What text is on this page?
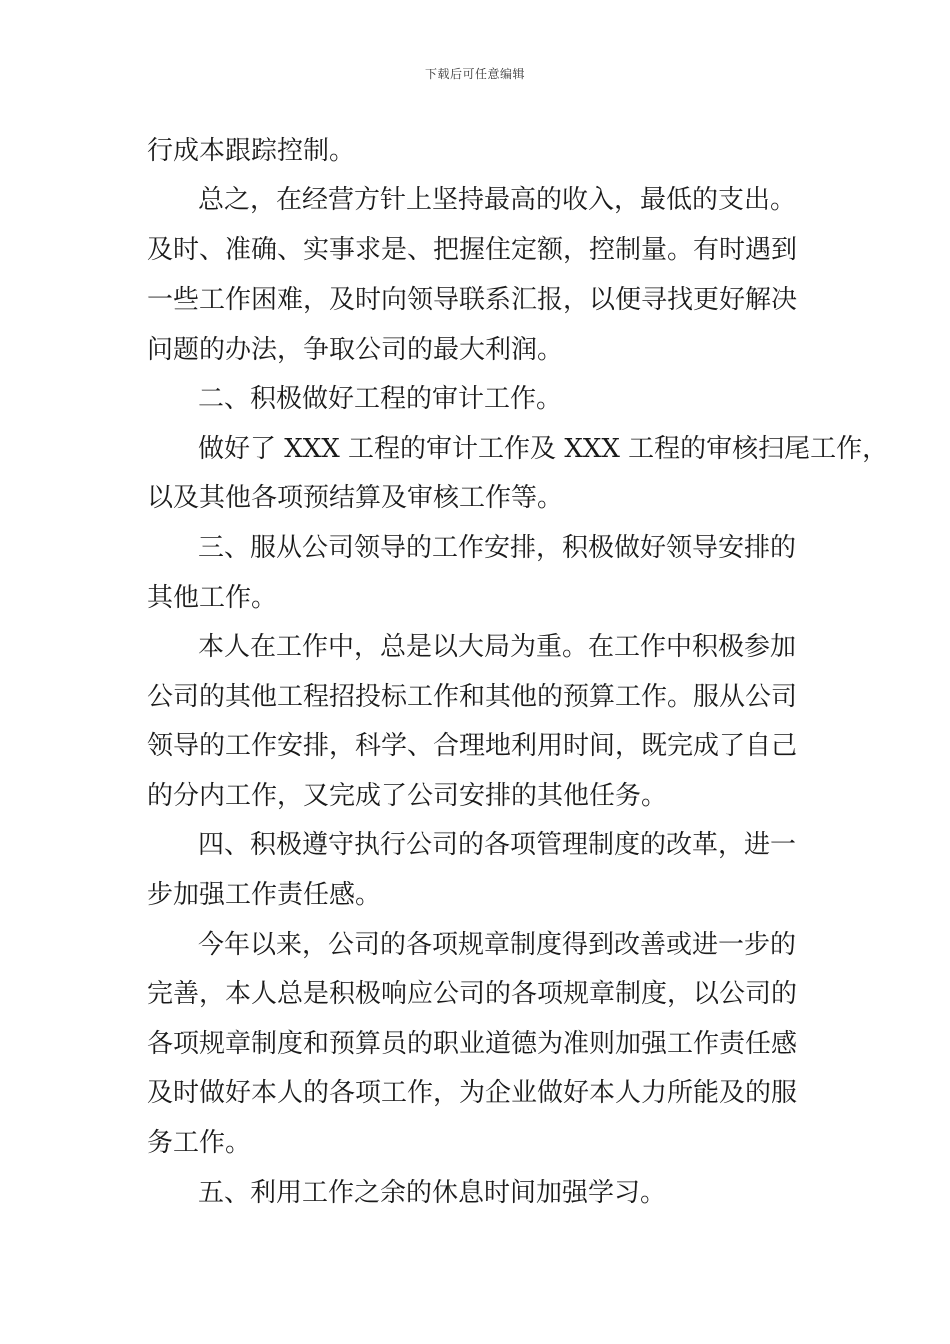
下载后可任意编辑
行成本跟踪控制。
总之，在经营方针上坚持最高的收入，最低的支出。
及时、准确、实事求是、把握住定额，控制量。有时遇到
一些工作困难，及时向领导联系汇报，以便寻找更好解决
问题的办法，争取公司的最大利润。
二、积极做好工程的审计工作。
做好了 XXX 工程的审计工作及 XXX 工程的审核扫尾工作，
以及其他各项预结算及审核工作等。
三、服从公司领导的工作安排，积极做好领导安排的
其他工作。
本人在工作中，总是以大局为重。在工作中积极参加
公司的其他工程招投标工作和其他的预算工作。服从公司
领导的工作安排，科学、合理地利用时间，既完成了自己
的分内工作，又完成了公司安排的其他任务。
四、积极遵守执行公司的各项管理制度的改革，进一
步加强工作责任感。
今年以来，公司的各项规章制度得到改善或进一步的
完善，本人总是积极响应公司的各项规章制度，以公司的
各项规章制度和预算员的职业道德为准则加强工作责任感
及时做好本人的各项工作，为企业做好本人力所能及的服
务工作。
五、利用工作之余的休息时间加强学习。
